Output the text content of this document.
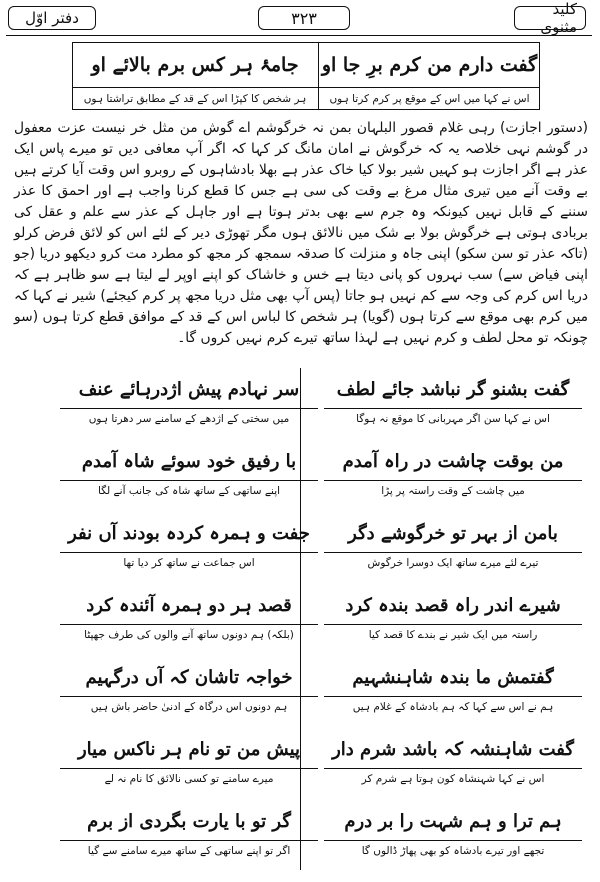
دفتر اوّل	۳۲۳	کلید مثنوی
گفت دارم من کرم برِ جا او
جامۂ ہر کس برم بالائے او
اس نے کہا میں اس کے موقع پر کرم کرتا ہوں
ہر شخص کا کپڑا اس کے قد کے مطابق تراشتا ہوں

(دستور اجازت) رہی غلام قصور البلہان بمن نہ خرگوشم اے گوش من مثل خر نیست عزت معفول در گوشم نہی خلاصہ یہ کہ خرگوش نے امان مانگ کر کہا کہ اگر آپ معافی دیں تو میرے پاس ایک عذر ہے اگر اجازت ہو کہیں شیر بولا کیا خاک عذر ہے بھلا بادشاہوں کے روبرو اس وقت آیا کرتے ہیں بے وقت آنے میں تیری مثال مرغ بے وقت کی سی ہے جس کا قطع کرنا واجب ہے اور احمق کا عذر سننے کے قابل نہیں کیونکہ وہ جرم سے بھی بدتر ہوتا ہے اور جاہل کے عذر سے علم و عقل کی بربادی ہوتی ہے خرگوش بولا بے شک میں نالائق ہوں مگر تھوڑی دیر کے لئے اس کو لائق فرض کرلو (تاکہ عذر تو سن سکو) اپنی جاہ و منزلت کا صدقہ سمجھ کر مجھ کو مطرد مت کرو دیکھو دریا (جو اپنی فیاض سے) سب نہروں کو پانی دیتا ہے خس و خاشاک کو اپنے اوپر لے لیتا ہے سو ظاہر ہے کہ دریا اس کرم کی وجہ سے کم نہیں ہو جاتا (پس آپ بھی مثل دریا مجھ پر کرم کیجئے) شیر نے کہا کہ میں کرم بھی موقع سے کرتا ہوں (گویا) ہر شخص کا لباس اس کے قد کے موافق قطع کرتا ہوں (سو چونکہ تو محل لطف و کرم نہیں ہے لہذا ساتھ تیرے کرم نہیں کروں گا۔

گفت بشنو گر نباشد جائے لطف
اس نے کہا سن اگر مہربانی کا موقع نہ ہوگا
سر نہادم پیش اژدرہائے عنف
میں سختی کے اژدھے کے سامنے سر دھرتا ہوں
من بوقت چاشت در راہ آمدم
میں چاشت کے وقت راستہ پر پڑا
با رفیق خود سوئے شاہ آمدم
اپنے ساتھی کے ساتھ شاہ کی جانب آنے لگا
بامن از بہر تو خرگوشے دگر
تیرے لئے میرے ساتھ ایک دوسرا خرگوش
جفت و ہمرہ کردہ بودند آں نفر
اس جماعت نے ساتھ کر دیا تھا
شیرے اندر راہ قصد بندہ کرد
راستہ میں ایک شیر نے بندے کا قصد کیا
قصد ہر دو ہمرہ آئندہ کرد
(بلکہ) ہم دونوں ساتھ آنے والوں کی طرف جھپٹا
گفتمش ما بندہ شاہنشہیم
ہم نے اس سے کہا کہ ہم بادشاہ کے غلام ہیں
خواجہ تاشان کہ آں درگہیم
ہم دونوں اس درگاہ کے ادنیٰ حاضر باش ہیں
گفت شاہنشہ کہ باشد شرم دار
اس نے کہا شہنشاہ کون ہوتا ہے شرم کر
پیش من تو نام ہر ناکس میار
میرے سامنے تو کسی نالائق کا نام نہ لے
ہم ترا و ہم شہت را بر درم
تجھے اور تیرے بادشاہ کو بھی پھاڑ ڈالوں گا
گر تو با یارت بگردی از برم
اگر تو اپنے ساتھی کے ساتھ میرے سامنے سے گیا
